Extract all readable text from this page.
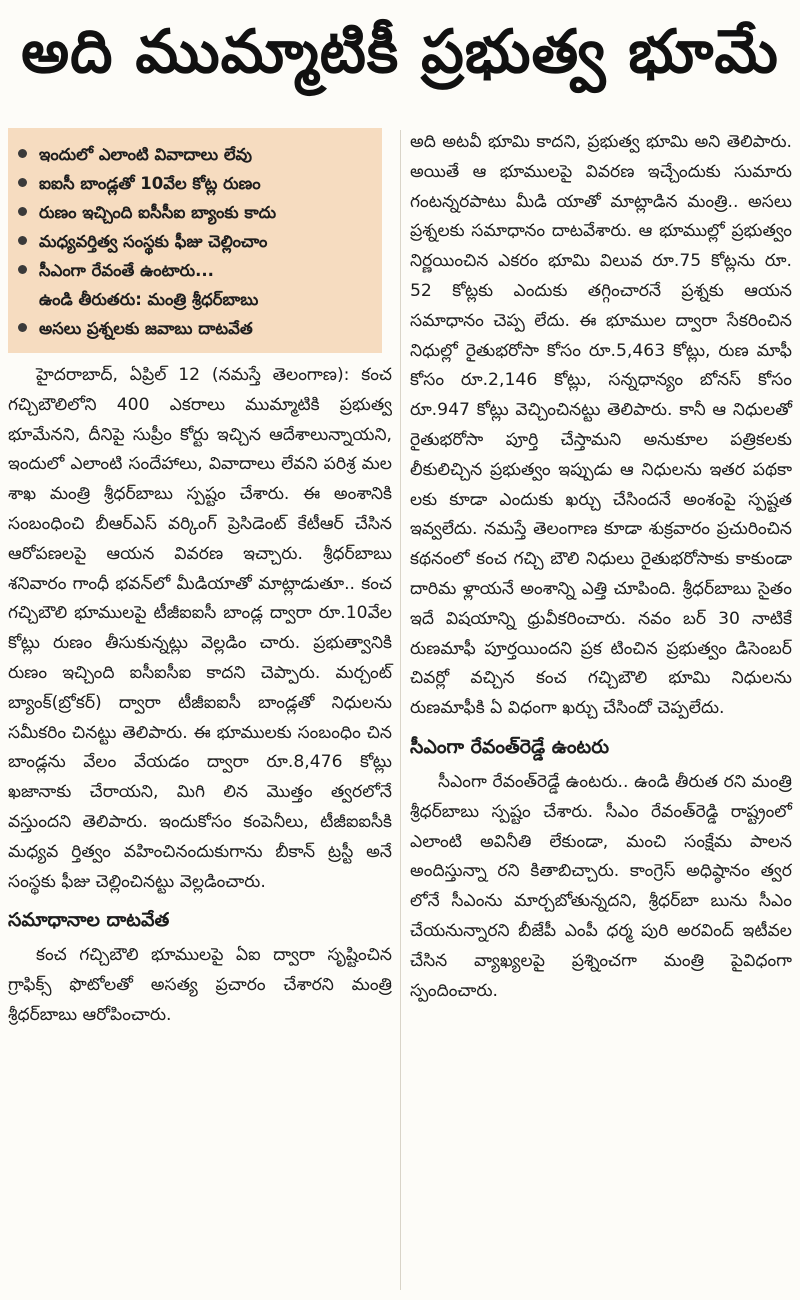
అది ముమ్మాటికీ ప్రభుత్వ భూమే
ఇందులో ఎలాంటి వివాదాలు లేవు
ఐఐసీ బాండ్లతో 10వేల కోట్ల రుణం
రుణం ఇచ్చింది ఐసీసీఐ బ్యాంకు కాదు
మధ్యవర్తిత్వ సంస్థకు ఫీజు చెల్లించాం
సీఎంగా రేవంతే ఉంటారు...
ఉండి తీరుతరు: మంత్రి శ్రీధర్‌బాబు
అసలు ప్రశ్నలకు జవాబు దాటవేత

హైదరాబాద్, ఏప్రిల్ 12 (నమస్తే తెలంగాణ): కంచ గచ్చిబౌలిలోని 400 ఎకరాలు ముమ్మాటికి ప్రభుత్వ భూమేనని, దీనిపై సుప్రీం కోర్టు ఇచ్చిన ఆదేశాలున్నాయని, ఇందులో ఎలాంటి సందేహాలు, వివాదాలు లేవని పరిశ్ర మల శాఖ మంత్రి శ్రీధర్‌బాబు స్పష్టం చేశారు. ఈ అంశానికి సంబంధించి బీఆర్‌ఎస్ వర్కింగ్ ప్రెసిడెంట్ కేటీఆర్ చేసిన ఆరోపణలపై ఆయన వివరణ ఇచ్చారు. శ్రీధర్‌బాబు శనివారం గాంధీ భవన్‌లో మీడియాతో మాట్లాడుతూ.. కంచ గచ్చిబౌలి భూములపై టీజీఐఐసీ బాండ్ల ద్వారా రూ.10వేల కోట్లు రుణం తీసుకున్నట్లు వెల్లడిం చారు. ప్రభుత్వానికి రుణం ఇచ్చింది ఐసీఐసీఐ కాదని చెప్పారు. మర్చంట్ బ్యాంక్(బ్రోకర్) ద్వారా టీజీఐఐసీ బాండ్లతో నిధులను సమీకరిం చినట్టు తెలిపారు. ఈ భూములకు సంబంధిం చిన బాండ్లను వేలం వేయడం ద్వారా రూ.8,476 కోట్లు ఖజానాకు చేరాయని, మిగి లిన మొత్తం త్వరలోనే వస్తుందని తెలిపారు. ఇందుకోసం కంపెనీలు, టీజీఐఐసీకి మధ్యవ ర్తిత్వం వహించినందుకుగాను బీకాన్ ట్రస్టీ అనే సంస్థకు ఫీజు చెల్లించినట్టు వెల్లడించారు.

సమాధానాల దాటవేత

కంచ గచ్చిబౌలి భూములపై ఏఐ ద్వారా సృష్టించిన గ్రాఫిక్స్ ఫొటోలతో అసత్య ప్రచారం చేశారని మంత్రి శ్రీధర్‌బాబు ఆరోపించారు.

అది అటవీ భూమి కాదని, ప్రభుత్వ భూమి అని తెలిపారు. అయితే ఆ భూములపై వివరణ ఇచ్చేందుకు సుమారు గంటన్నరపాటు మీడి యాతో మాట్లాడిన మంత్రి.. అసలు ప్రశ్నలకు సమాధానం దాటవేశారు. ఆ భూముల్లో ప్రభుత్వం నిర్ణయించిన ఎకరం భూమి విలువ రూ.75 కోట్లను రూ. 52 కోట్లకు ఎందుకు తగ్గించారనే ప్రశ్నకు ఆయన సమాధానం చెప్ప లేదు. ఈ భూముల ద్వారా సేకరించిన నిధుల్లో రైతుభరోసా కోసం రూ.5,463 కోట్లు, రుణ మాఫీ కోసం రూ.2,146 కోట్లు, సన్నధాన్యం బోనస్ కోసం రూ.947 కోట్లు వెచ్చించినట్టు తెలిపారు. కానీ ఆ నిధులతో రైతుభరోసా పూర్తి చేస్తామని అనుకూల పత్రికలకు లీకులిచ్చిన ప్రభుత్వం ఇప్పుడు ఆ నిధులను ఇతర పథకా లకు కూడా ఎందుకు ఖర్చు చేసిందనే అంశంపై స్పష్టత ఇవ్వలేదు. నమస్తే తెలంగాణ కూడా శుక్రవారం ప్రచురించిన కథనంలో కంచ గచ్చి బౌలి నిధులు రైతుభరోసాకు కాకుండా దారిమ ళ్లాయనే అంశాన్ని ఎత్తి చూపింది. శ్రీధర్‌బాబు సైతం ఇదే విషయాన్ని ధ్రువీకరించారు. నవం బర్ 30 నాటికే రుణమాఫీ పూర్తయిందని ప్రక టించిన ప్రభుత్వం డిసెంబర్ చివర్లో వచ్చిన కంచ గచ్చిబౌలి భూమి నిధులను రుణమాఫీకి ఏ విధంగా ఖర్చు చేసిందో చెప్పలేదు.

సీఎంగా రేవంత్‌రెడ్డే ఉంటరు

సీఎంగా రేవంత్‌రెడ్డే ఉంటరు.. ఉండి తీరుత రని మంత్రి శ్రీధర్‌బాబు స్పష్టం చేశారు. సీఎం రేవంత్‌రెడ్డి రాష్ట్రంలో ఎలాంటి అవినీతి లేకుండా, మంచి సంక్షేమ పాలన అందిస్తున్నా రని కితాబిచ్చారు. కాంగ్రెస్ అధిష్ఠానం త్వర లోనే సీఎంను మార్చబోతున్నదని, శ్రీధర్‌బా బును సీఎం చేయనున్నారని బీజేపీ ఎంపీ ధర్మ పురి అరవింద్ ఇటీవల చేసిన వ్యాఖ్యలపై ప్రశ్నించగా మంత్రి పైవిధంగా స్పందించారు.
